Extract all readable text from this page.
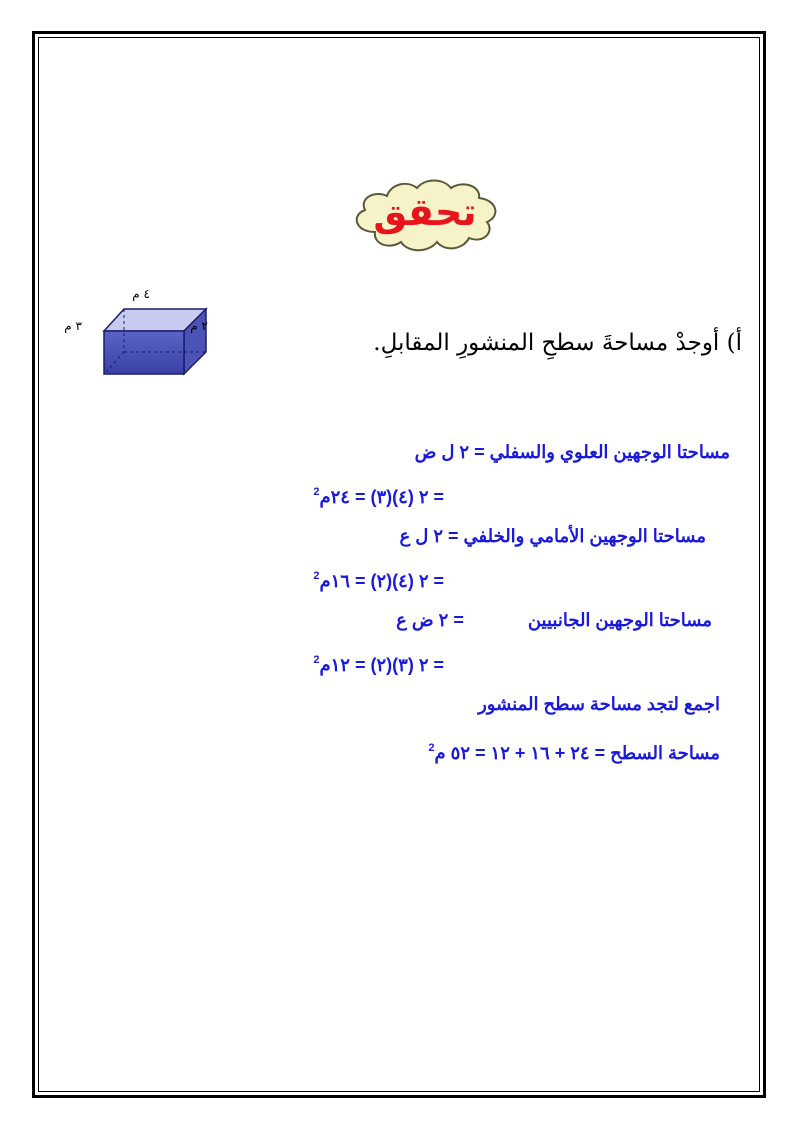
تحقق
٤ م
٣ م	٢ م
أ) أوجدْ مساحةَ سطحِ المنشورِ المقابلِ.
مساحتا الوجهين العلوي والسفلي = ٢ ل ض
= ٢ (٤)(٣) = ٢٤م$^2$
مساحتا الوجهين الأمامي والخلفي = ٢ ل ع
= ٢ (٤)(٢) = ١٦م$^2$
مساحتا الوجهين الجانبيين= ٢ ض ع
= ٢ (٣)(٢) = ١٢م$^2$
اجمع لتجد مساحة سطح المنشور
مساحة السطح = ٢٤ + ١٦ + ١٢ = ٥٢ م$^2$
